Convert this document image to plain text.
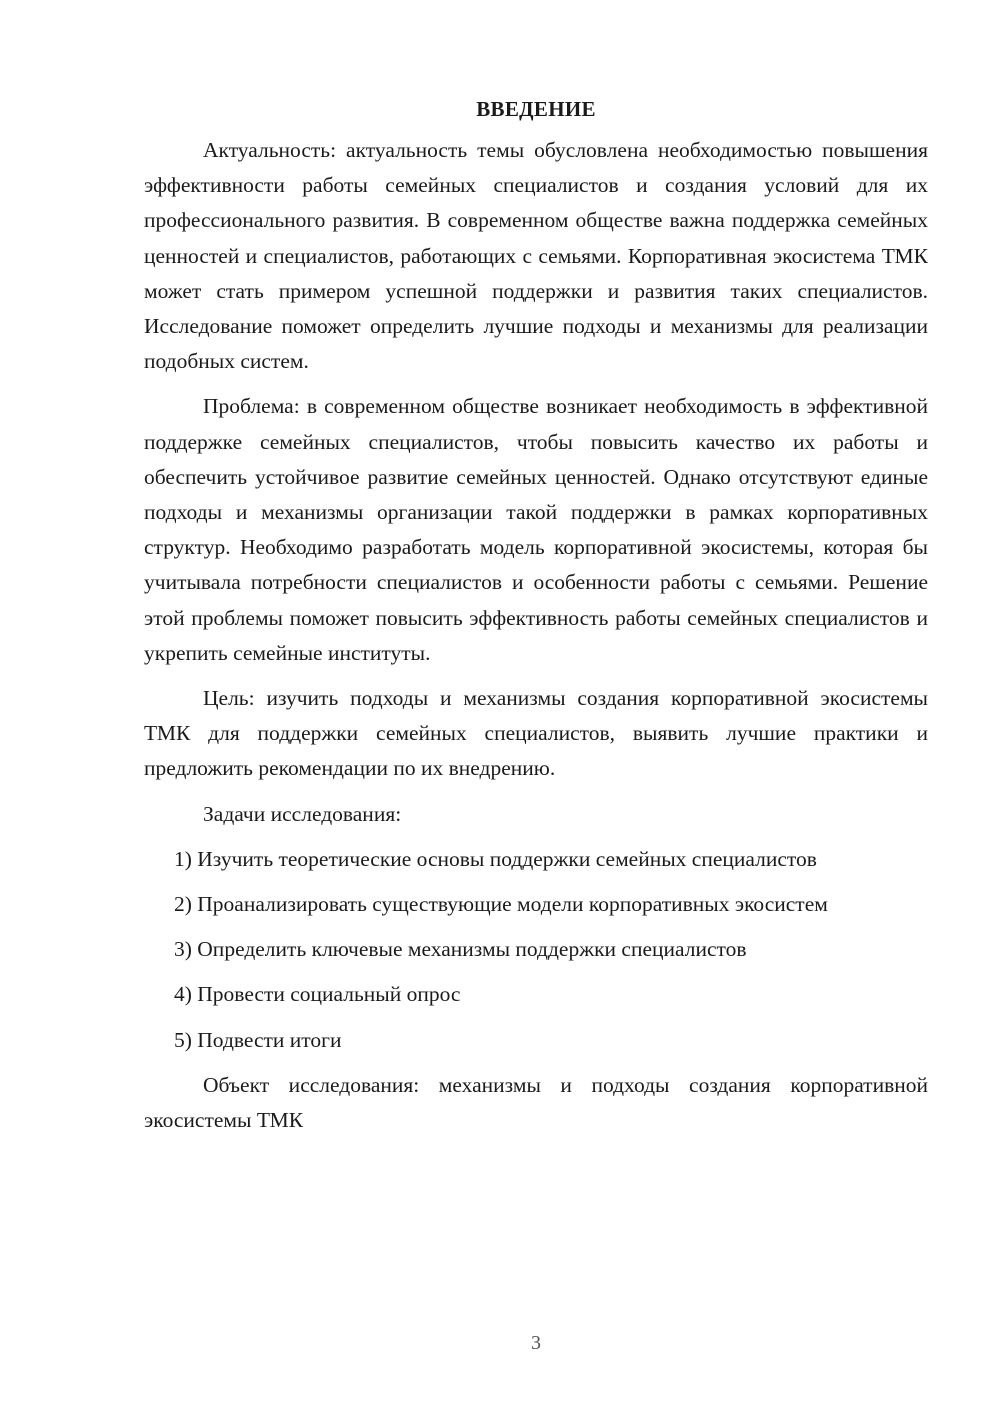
ВВЕДЕНИЕ

Актуальность: актуальность темы обусловлена необходимостью повышения эффективности работы семейных специалистов и создания условий для их профессионального развития. В современном обществе важна поддержка семейных ценностей и специалистов, работающих с семьями. Корпоративная экосистема ТМК может стать примером успешной поддержки и развития таких специалистов. Исследование поможет определить лучшие подходы и механизмы для реализации подобных систем.

Проблема: в современном обществе возникает необходимость в эффективной поддержке семейных специалистов, чтобы повысить качество их работы и обеспечить устойчивое развитие семейных ценностей. Однако отсутствуют единые подходы и механизмы организации такой поддержки в рамках корпоративных структур. Необходимо разработать модель корпоративной экосистемы, которая бы учитывала потребности специалистов и особенности работы с семьями. Решение этой проблемы поможет повысить эффективность работы семейных специалистов и укрепить семейные институты.

Цель: изучить подходы и механизмы создания корпоративной экосистемы ТМК для поддержки семейных специалистов, выявить лучшие практики и предложить рекомендации по их внедрению.

Задачи исследования:

1) Изучить теоретические основы поддержки семейных специалистов

2) Проанализировать существующие модели корпоративных экосистем

3) Определить ключевые механизмы поддержки специалистов

4) Провести социальный опрос

5) Подвести итоги

Объект исследования: механизмы и подходы создания корпоративной экосистемы ТМК

3
